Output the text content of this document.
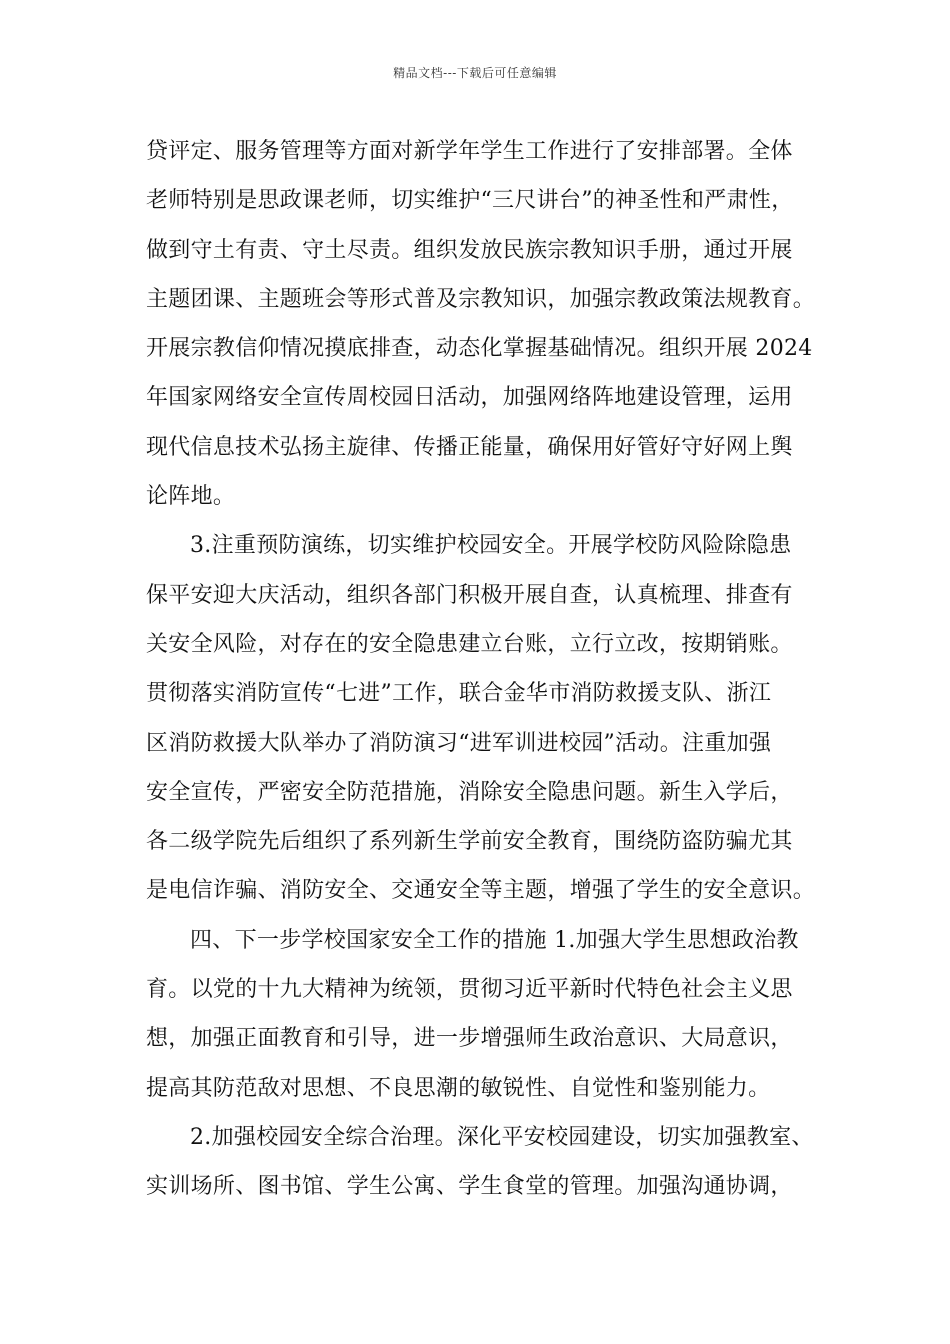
精品文档---下载后可任意编辑
贷评定、服务管理等方面对新学年学生工作进行了安排部署。全体
老师特别是思政课老师，切实维护“三尺讲台”的神圣性和严肃性，
做到守土有责、守土尽责。组织发放民族宗教知识手册，通过开展
主题团课、主题班会等形式普及宗教知识，加强宗教政策法规教育。
开展宗教信仰情况摸底排查，动态化掌握基础情况。组织开展 2024
年国家网络安全宣传周校园日活动，加强网络阵地建设管理，运用
现代信息技术弘扬主旋律、传播正能量，确保用好管好守好网上舆
论阵地。
3.注重预防演练，切实维护校园安全。开展学校防风险除隐患
保平安迎大庆活动，组织各部门积极开展自查，认真梳理、排查有
关安全风险，对存在的安全隐患建立台账，立行立改，按期销账。
贯彻落实消防宣传“七进”工作，联合金华市消防救援支队、浙江
区消防救援大队举办了消防演习“进军训进校园”活动。注重加强
安全宣传，严密安全防范措施，消除安全隐患问题。新生入学后，
各二级学院先后组织了系列新生学前安全教育，围绕防盗防骗尤其
是电信诈骗、消防安全、交通安全等主题，增强了学生的安全意识。
四、下一步学校国家安全工作的措施 1.加强大学生思想政治教
育。以党的十九大精神为统领，贯彻习近平新时代特色社会主义思
想，加强正面教育和引导，进一步增强师生政治意识、大局意识，
提高其防范敌对思想、不良思潮的敏锐性、自觉性和鉴别能力。
2.加强校园安全综合治理。深化平安校园建设，切实加强教室、
实训场所、图书馆、学生公寓、学生食堂的管理。加强沟通协调，
